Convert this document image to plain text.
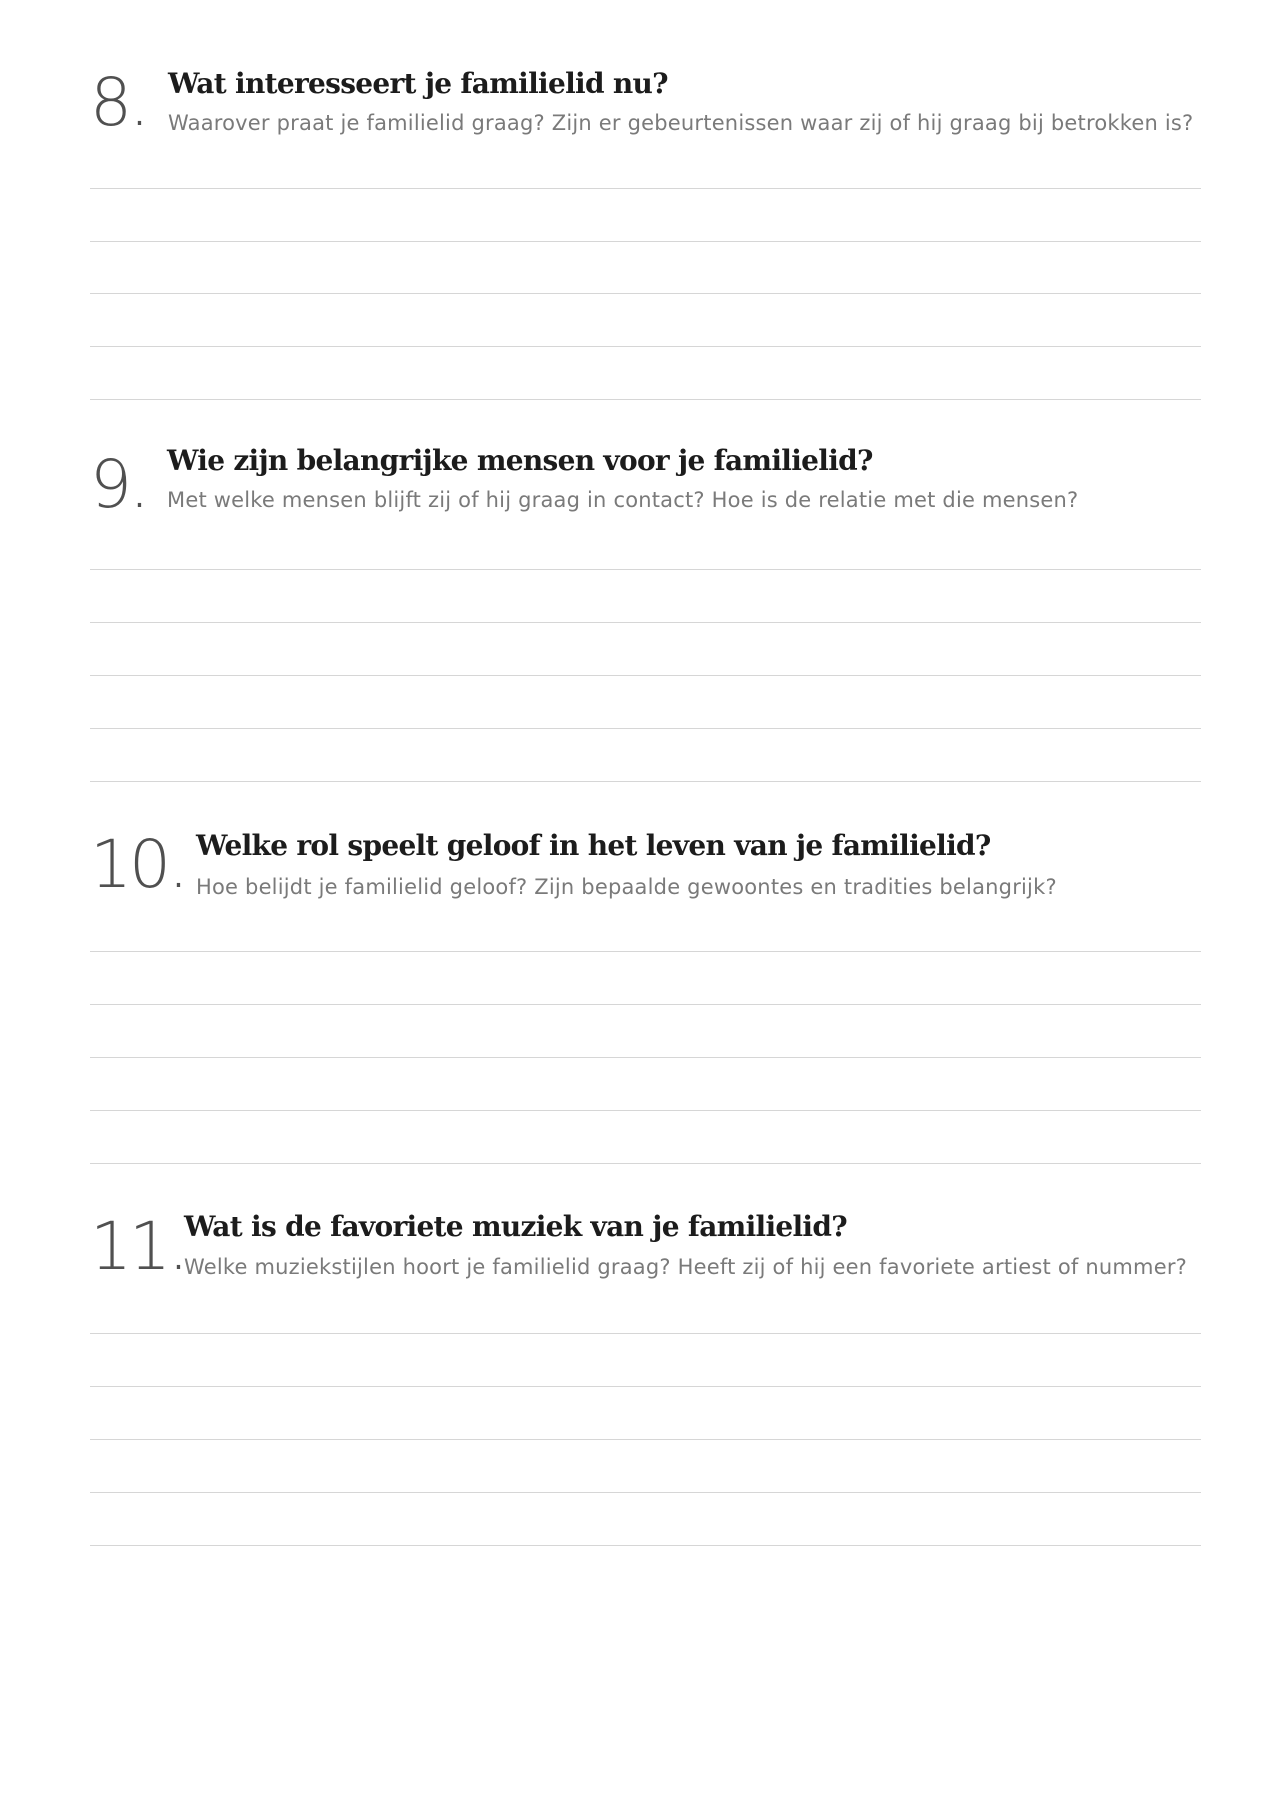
8. Wat interesseert je familielid nu?
Waarover praat je familielid graag? Zijn er gebeurtenissen waar zij of hij graag bij betrokken is?
9. Wie zijn belangrijke mensen voor je familielid?
Met welke mensen blijft zij of hij graag in contact? Hoe is de relatie met die mensen?
10. Welke rol speelt geloof in het leven van je familielid?
Hoe belijdt je familielid geloof? Zijn bepaalde gewoontes en tradities belangrijk?
11.
Wat is de favoriete muziek van je familielid?
Welke muziekstijlen hoort je familielid graag? Heeft zij of hij een favoriete artiest of nummer?
